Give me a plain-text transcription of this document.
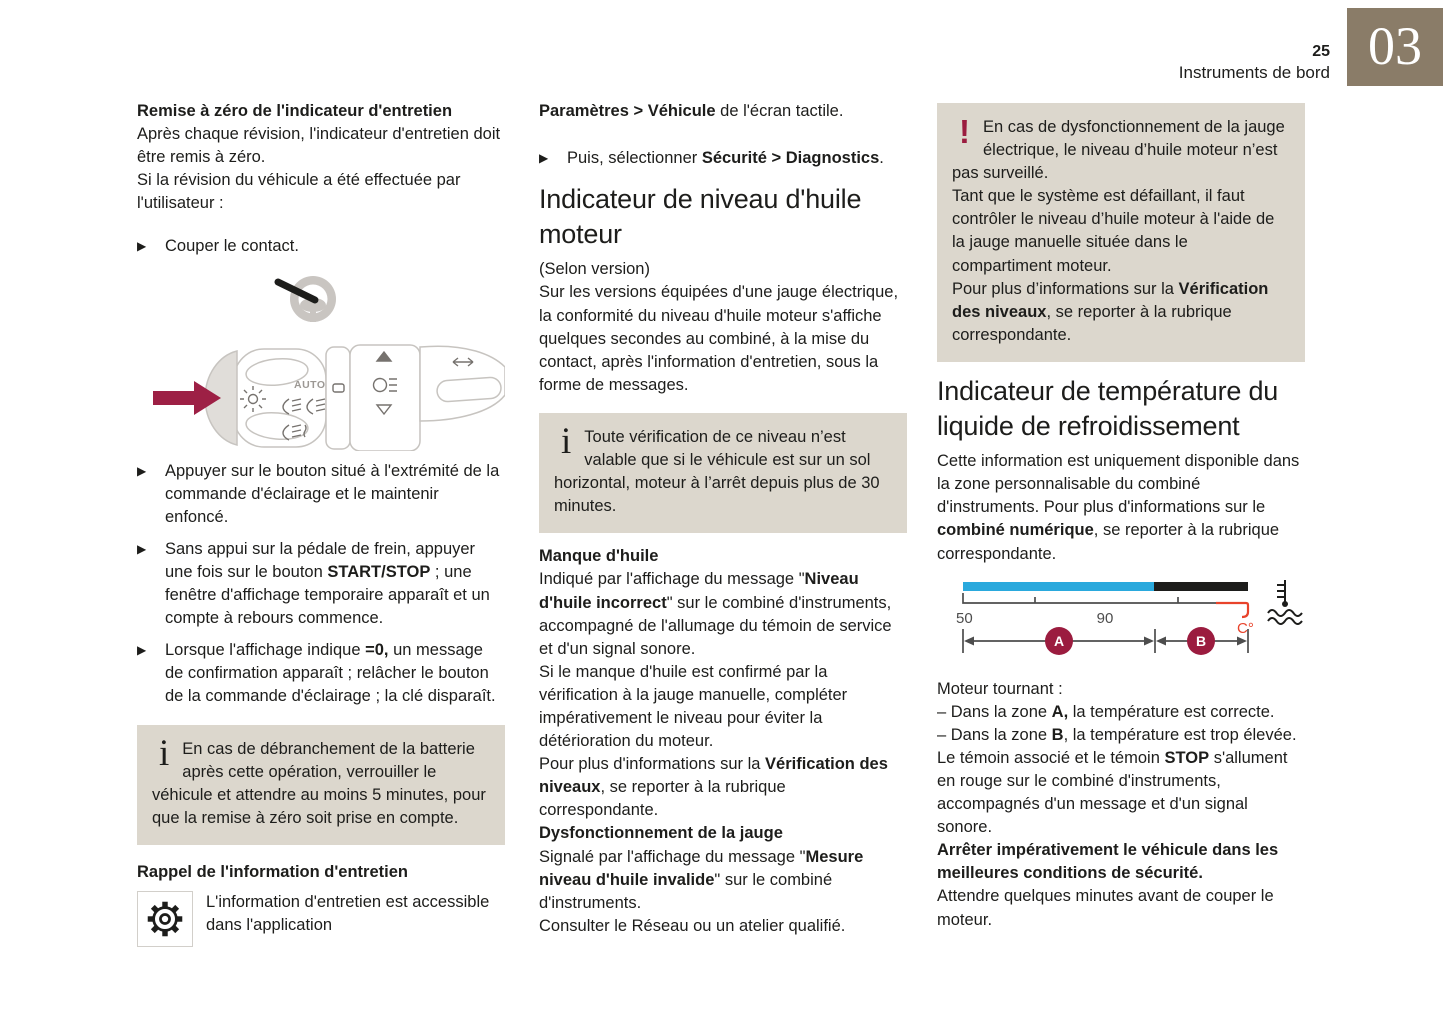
25
Instruments de bord 03
Remise à zéro de l'indicateur d'entretien

Après chaque révision, l'indicateur d'entretien doit être remis à zéro.

Si la révision du véhicule a été effectuée par l'utilisateur :

▶	Couper le contact.

AUTO
▶	Appuyer sur le bouton situé à l'extrémité de la commande d'éclairage et le maintenir enfoncé.

▶	Sans appui sur la pédale de frein, appuyer une fois sur le bouton START/STOP ; une fenêtre d'affichage temporaire apparaît et un compte à rebours commence.

▶	Lorsque l'affichage indique =0, un message de confirmation apparaît ; relâcher le bouton de la commande d'éclairage ; la clé disparaît.

i En cas de débranchement de la batterie après cette opération, verrouiller le véhicule et attendre au moins 5 minutes, pour que la remise à zéro soit prise en compte.

Rappel de l'information d'entretien

L'information d'entretien est accessible dans l'application

Paramètres > Véhicule de l'écran tactile.

▶	Puis, sélectionner Sécurité > Diagnostics.

Indicateur de niveau d'huile moteur

(Selon version)

Sur les versions équipées d'une jauge électrique, la conformité du niveau d'huile moteur s'affiche quelques secondes au combiné, à la mise du contact, après l'information d'entretien, sous la forme de messages.

i Toute vérification de ce niveau n’est valable que si le véhicule est sur un sol horizontal, moteur à l’arrêt depuis plus de 30 minutes.

Manque d'huile

Indiqué par l'affichage du message "Niveau d'huile incorrect" sur le combiné d'instruments, accompagné de l'allumage du témoin de service et d'un signal sonore.

Si le manque d'huile est confirmé par la vérification à la jauge manuelle, compléter impérativement le niveau pour éviter la détérioration du moteur.

Pour plus d'informations sur la Vérification des niveaux, se reporter à la rubrique correspondante.

Dysfonctionnement de la jauge

Signalé par l'affichage du message "Mesure niveau d'huile invalide" sur le combiné d'instruments.

Consulter le Réseau ou un atelier qualifié.

! En cas de dysfonctionnement de la jauge électrique, le niveau d’huile moteur n’est pas surveillé.

Tant que le système est défaillant, il faut contrôler le niveau d’huile moteur à l'aide de la jauge manuelle située dans le compartiment moteur.

Pour plus d’informations sur la Vérification des niveaux, se reporter à la rubrique correspondante.

Indicateur de température du liquide de refroidissement

Cette information est uniquement disponible dans la zone personnalisable du combiné d'instruments. Pour plus d'informations sur le combiné numérique, se reporter à la rubrique correspondante.

50	90
C°
A	B

Moteur tournant :

– Dans la zone A, la température est correcte.

– Dans la zone B, la température est trop élevée. Le témoin associé et le témoin STOP s'allument en rouge sur le combiné d'instruments, accompagnés d'un message et d'un signal sonore.

Arrêter impérativement le véhicule dans les meilleures conditions de sécurité.

Attendre quelques minutes avant de couper le moteur.
